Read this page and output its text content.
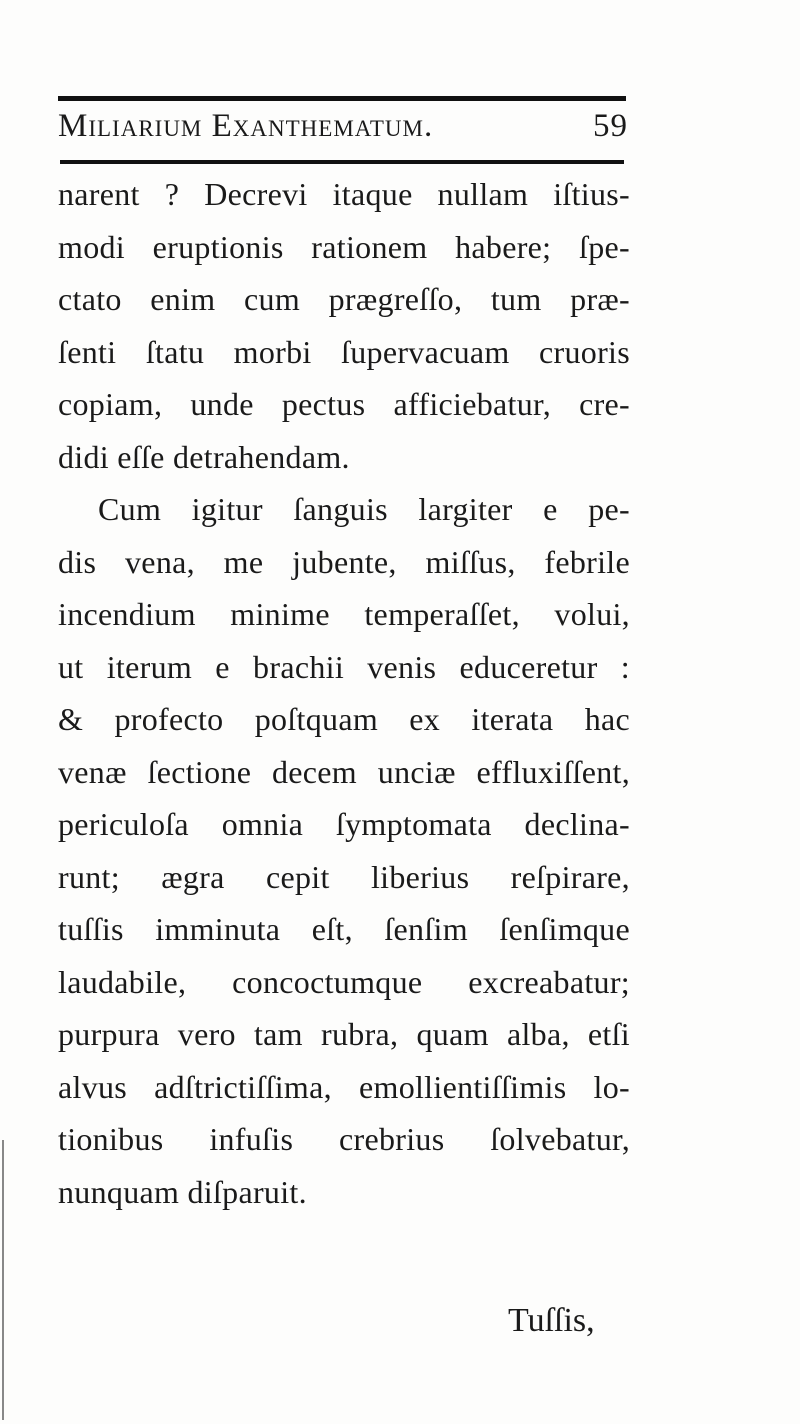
Miliarium Exanthematum.	59
narent ? Decrevi itaque nullam iſtius-
modi eruptionis rationem habere; ſpe-
ctato enim cum prægreſſo, tum præ-
ſenti ſtatu morbi ſupervacuam cruoris
copiam, unde pectus afficiebatur, cre-
didi eſſe detrahendam.
Cum igitur ſanguis largiter e pe-
dis vena, me jubente, miſſus, febrile
incendium minime temperaſſet, volui,
ut iterum e brachii venis educeretur :
& profecto poſtquam ex iterata hac
venæ ſectione decem unciæ effluxiſſent,
periculoſa omnia ſymptomata declina-
runt; ægra cepit liberius reſpirare,
tuſſis imminuta eſt, ſenſim ſenſimque
laudabile, concoctumque excreabatur;
purpura vero tam rubra, quam alba, etſi
alvus adſtrictiſſima, emollientiſſimis lo-
tionibus infuſis crebrius ſolvebatur,
nunquam diſparuit.
Tuſſis,
